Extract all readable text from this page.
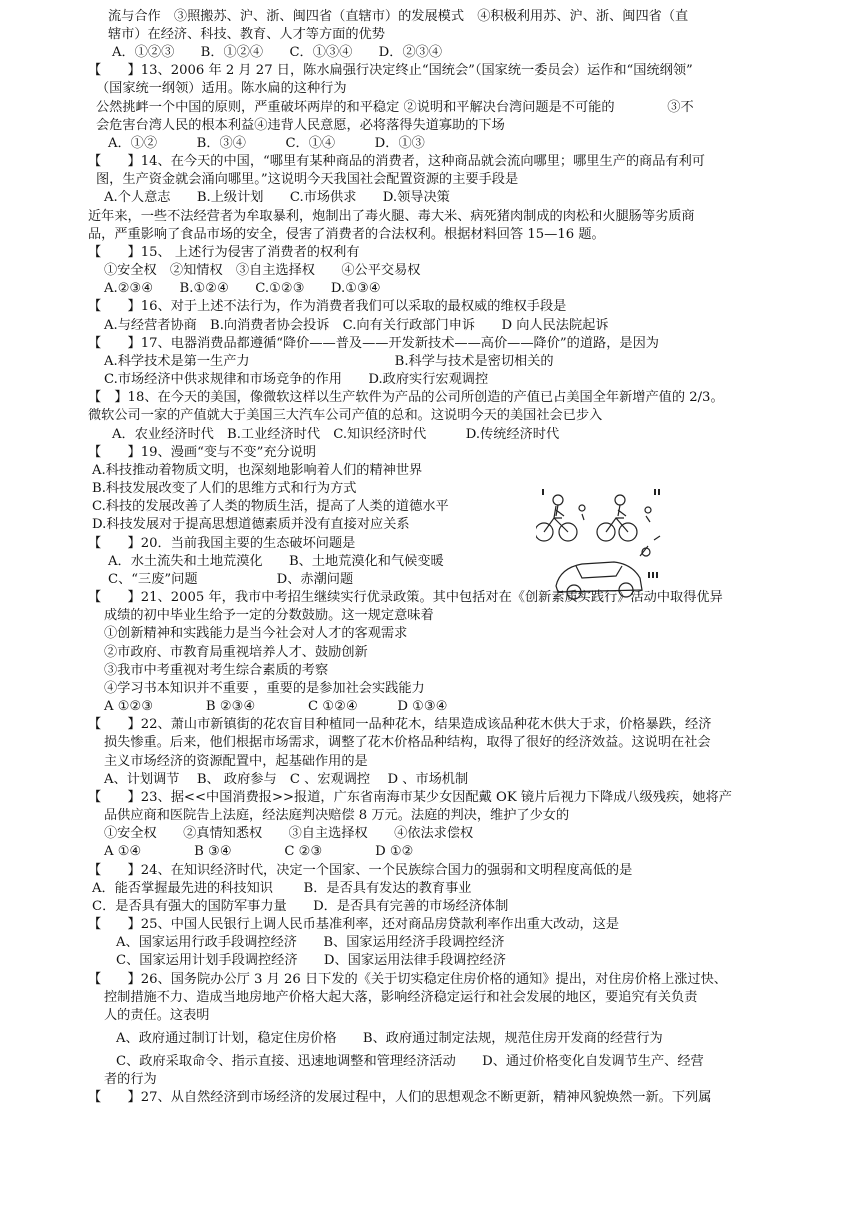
流与合作　③照搬苏、沪、浙、闽四省（直辖市）的发展模式　④积极利用苏、沪、浙、闽四省（直
辖市）在经济、科技、教育、人才等方面的优势
A．①②③　　B．①②④　　C．①③④　　D．②③④
【　　】13、2006 年 2 月 27 日，陈水扁强行决定终止“国统会”（国家统一委员会）运作和“国统纲领”
（国家统一纲领）适用。陈水扁的这种行为
公然挑衅一个中国的原则，严重破坏两岸的和平稳定 ②说明和平解决台湾问题是不可能的　　　　③不
会危害台湾人民的根本利益④违背人民意愿，必将落得失道寡助的下场
A．①②　　　B．③④　　　C．①④　　　D．①③
【　　】14、在今天的中国，“哪里有某种商品的消费者，这种商品就会流向哪里；哪里生产的商品有利可
图，生产资金就会涌向哪里。”这说明今天我国社会配置资源的主要手段是
A.个人意志　　B.上级计划　　C.市场供求　　D.领导决策
近年来，一些不法经营者为牟取暴利，炮制出了毒火腿、毒大米、病死猪肉制成的肉松和火腿肠等劣质商
品，严重影响了食品市场的安全，侵害了消费者的合法权利。根据材料回答 15—16 题。
【　　】15、 上述行为侵害了消费者的权利有
①安全权　②知情权　③自主选择权　　④公平交易权
A.②③④　　B.①②④　　C.①②③　　D.①③④
【　　】16、对于上述不法行为，作为消费者我们可以采取的最权威的维权手段是
A.与经营者协商　B.向消费者协会投诉　C.向有关行政部门申诉　　D 向人民法院起诉
【　　】17、电器消费品都遵循“降价——普及——开发新技术——高价——降价”的道路，是因为
A.科学技术是第一生产力　　　　　　　　　　　B.科学与技术是密切相关的
C.市场经济中供求规律和市场竞争的作用　　D.政府实行宏观调控
【　】18、在今天的美国，像微软这样以生产软件为产品的公司所创造的产值已占美国全年新增产值的 2/3。
微软公司一家的产值就大于美国三大汽车公司产值的总和。这说明今天的美国社会已步入
A．农业经济时代　B.工业经济时代　C.知识经济时代　　　D.传统经济时代
【　　】19、漫画“变与不变”充分说明
A.科技推动着物质文明，也深刻地影响着人们的精神世界
B.科技发展改变了人们的思维方式和行为方式
C.科技的发展改善了人类的物质生活，提高了人类的道德水平
D.科技发展对于提高思想道德素质并没有直接对应关系
【　　】20．当前我国主要的生态破坏问题是
A．水土流失和土地荒漠化　　B、土地荒漠化和气候变暖
C、“三废”问题　　　　　　D、赤潮问题
【　　】21、2005 年，我市中考招生继续实行优录政策。其中包括对在《创新素质实践行》活动中取得优异
成绩的初中毕业生给予一定的分数鼓励。这一规定意味着
①创新精神和实践能力是当今社会对人才的客观需求
②市政府、市教育局重视培养人才、鼓励创新
③我市中考重视对考生综合素质的考察
④学习书本知识并不重要 ，重要的是参加社会实践能力
A ①②③　　　　B ②③④　　　　C ①②④　　　D ①③④
【　　】22、萧山市新镇街的花农盲目种植同一品种花木，结果造成该品种花木供大于求，价格暴跌，经济
损失惨重。后来，他们根据市场需求，调整了花木价格品种结构，取得了很好的经济效益。这说明在社会
主义市场经济的资源配置中，起基础作用的是
A、计划调节　 B、 政府参与　C 、宏观调控　 D 、市场机制
【　　】23、据<<中国消费报>>报道，广东省南海市某少女因配戴 OK 镜片后视力下降成八级残疾，她将产
品供应商和医院告上法庭，经法庭判决赔偿 8 万元。法庭的判决，维护了少女的
①安全权　　②真情知悉权　　③自主选择权　　④依法求偿权
A ①④　　　　B ③④　　　　C ②③　　　　D ①②
【　　】24、在知识经济时代，决定一个国家、一个民族综合国力的强弱和文明程度高低的是
A．能否掌握最先进的科技知识　　 B．是否具有发达的教育事业
C．是否具有强大的国防军事力量　　D．是否具有完善的市场经济体制
【　　】25、中国人民银行上调人民币基准利率，还对商品房贷款利率作出重大改动，这是
A、国家运用行政手段调控经济　　B、国家运用经济手段调控经济
C、国家运用计划手段调控经济　　D、国家运用法律手段调控经济
【　　】26、国务院办公厅 3 月 26 日下发的《关于切实稳定住房价格的通知》提出，对住房价格上涨过快、
控制措施不力、造成当地房地产价格大起大落，影响经济稳定运行和社会发展的地区，要追究有关负责
人的责任。这表明
A、政府通过制订计划，稳定住房价格　　B、政府通过制定法规，规范住房开发商的经营行为
C、政府采取命令、指示直接、迅速地调整和管理经济活动　　D、通过价格变化自发调节生产、经营
者的行为
【　　】27、从自然经济到市场经济的发展过程中，人们的思想观念不断更新，精神风貌焕然一新。下列属
